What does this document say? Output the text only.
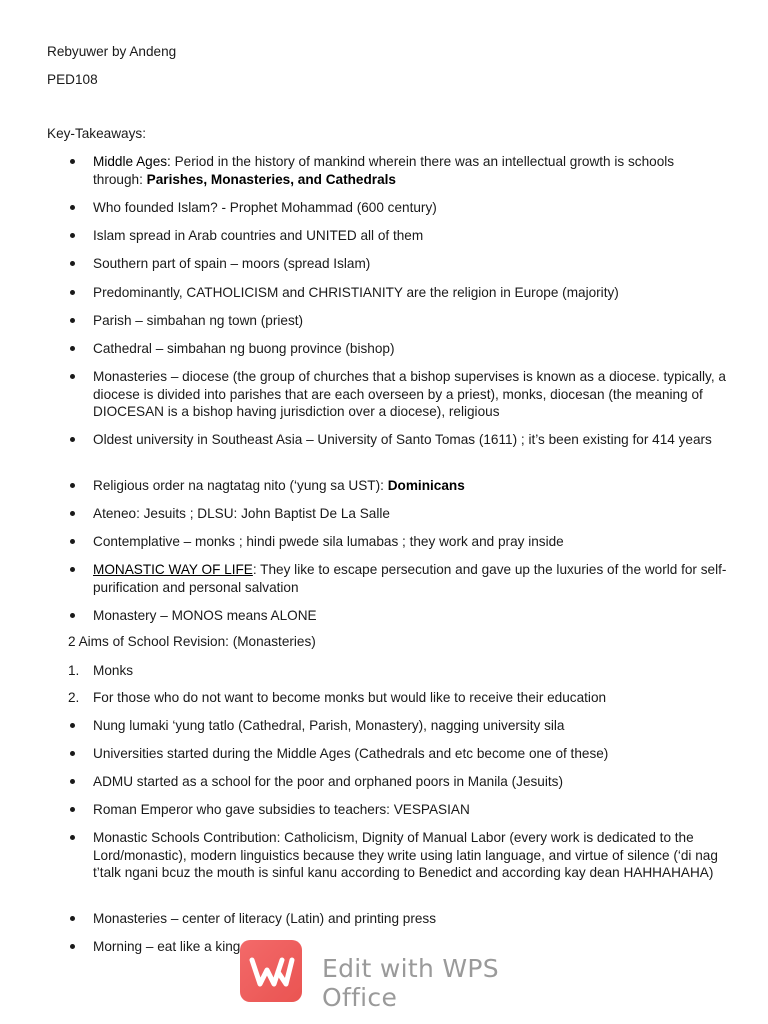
Rebyuwer by Andeng
PED108
Key-Takeaways:
Middle Ages: Period in the history of mankind wherein there was an intellectual growth is schools
through: Parishes, Monasteries, and Cathedrals
Who founded Islam? - Prophet Mohammad (600 century)
Islam spread in Arab countries and UNITED all of them
Southern part of spain – moors (spread Islam)
Predominantly, CATHOLICISM and CHRISTIANITY are the religion in Europe (majority)
Parish – simbahan ng town (priest)
Cathedral – simbahan ng buong province (bishop)
Monasteries – diocese (the group of churches that a bishop supervises is known as a diocese. typically, a diocese is divided into parishes that are each overseen by a priest), monks, diocesan (the meaning of DIOCESAN is a bishop having jurisdiction over a diocese), religious
Oldest university in Southeast Asia – University of Santo Tomas (1611) ; it’s been existing for 414 years
Religious order na nagtatag nito (‘yung sa UST): Dominicans
Ateneo: Jesuits ; DLSU: John Baptist De La Salle
Contemplative – monks ; hindi pwede sila lumabas ; they work and pray inside
MONASTIC WAY OF LIFE: They like to escape persecution and gave up the luxuries of the world for self-purification and personal salvation
Monastery – MONOS means ALONE
2 Aims of School Revision: (Monasteries)
1.	Monks
2.	For those who do not want to become monks but would like to receive their education
Nung lumaki ‘yung tatlo (Cathedral, Parish, Monastery), nagging university sila
Universities started during the Middle Ages (Cathedrals and etc become one of these)
ADMU started as a school for the poor and orphaned poors in Manila (Jesuits)
Roman Emperor who gave subsidies to teachers: VESPASIAN
Monastic Schools Contribution: Catholicism, Dignity of Manual Labor (every work is dedicated to the Lord/monastic), modern linguistics because they write using latin language, and virtue of silence (‘di nag t’talk ngani bcuz the mouth is sinful kanu according to Benedict and according kay dean HAHHAHAHA)
Monasteries – center of literacy (Latin) and printing press
Morning – eat like a king
Edit with WPS Office
